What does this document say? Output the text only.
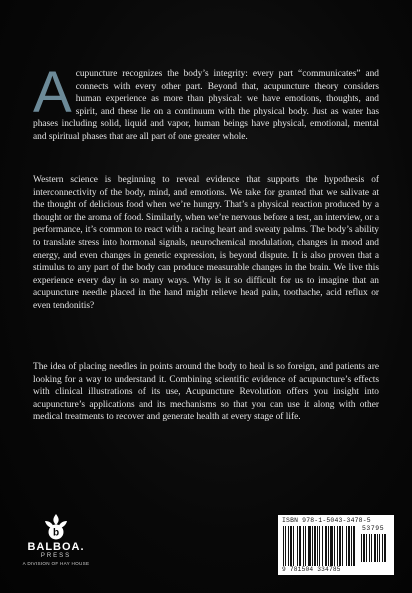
Acupuncture recognizes the body’s integrity: every part “communicates” and connects with every other part. Beyond that, acupuncture theory considers human experience as more than physical: we have emotions, thoughts, and spirit, and these lie on a continuum with the physical body. Just as water has phases including solid, liquid and vapor, human beings have physical, emotional, mental and spiritual phases that are all part of one greater whole.
Western science is beginning to reveal evidence that supports the hypothesis of interconnectivity of the body, mind, and emotions. We take for granted that we salivate at the thought of delicious food when we’re hungry. That’s a physical reaction produced by a thought or the aroma of food. Similarly, when we’re nervous before a test, an interview, or a performance, it’s common to react with a racing heart and sweaty palms. The body’s ability to translate stress into hormonal signals, neurochemical modulation, changes in mood and energy, and even changes in genetic expression, is beyond dispute. It is also proven that a stimulus to any part of the body can produce measurable changes in the brain. We live this experience every day in so many ways. Why is it so difficult for us to imagine that an acupuncture needle placed in the hand might relieve head pain, toothache, acid reflux or even tendonitis?
The idea of placing needles in points around the body to heal is so foreign, and patients are looking for a way to understand it. Combining scientific evidence of acupuncture’s effects with clinical illustrations of its use, Acupuncture Revolution offers you insight into acupuncture’s applications and its mechanisms so that you can use it along with other medical treatments to recover and generate health at every stage of life.
b
BALBOA.
PRESS
A DIVISION OF HAY HOUSE
ISBN 978-1-5043-3478-5
53795
9 781504 334785
